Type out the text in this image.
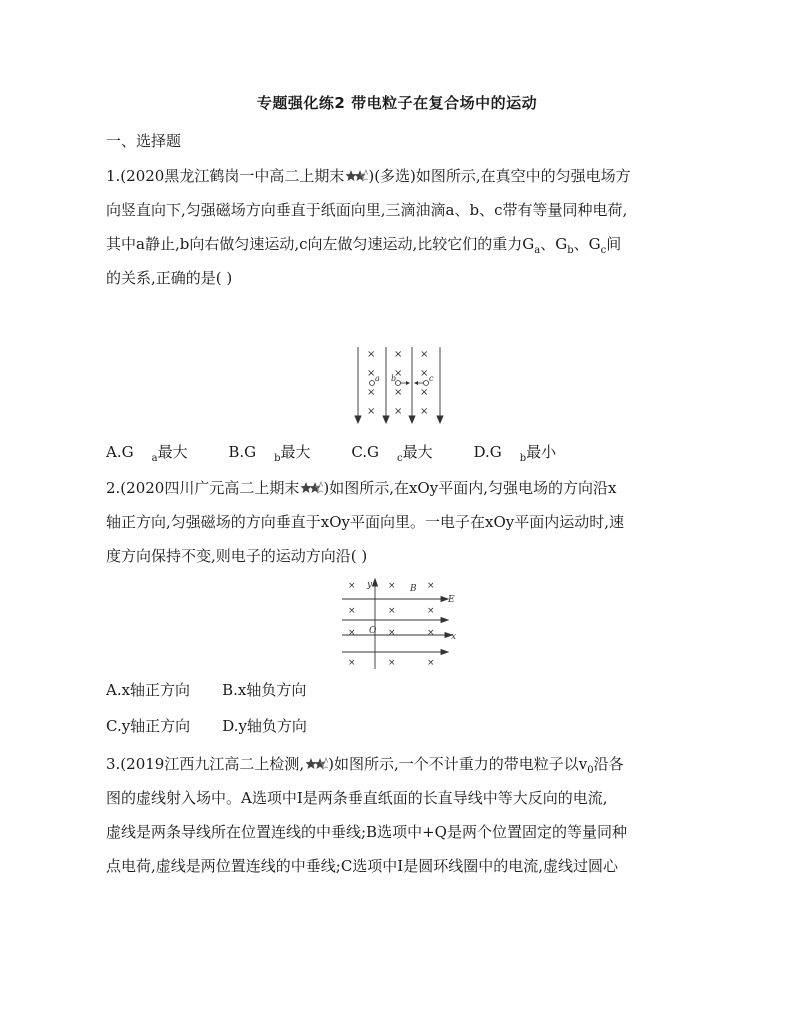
专题强化练2 带电粒子在复合场中的运动
一、选择题
1.(2020黑龙江鹤岗一中高二上期末 )(多选)如图所示,在真空中的匀强电场方
向竖直向下,匀强磁场方向垂直于纸面向里,三滴油滴a、b、c带有等量同种电荷,
其中a静止,b向右做匀速运动,c向左做匀速运动,比较它们的重力$G_a$、$G_b$、$G_c$间
的关系,正确的是( )
× × ×
× × ×
× × ×
× × ×
a b	c
A.G $_a$最大	B.G $_b$最大	C.G $_c$最大	D.G $_b$最小
2.(2020四川广元高二上期末 )如图所示,在xOy平面内,匀强电场的方向沿x
轴正方向,匀强磁场的方向垂直于xOy平面向里。一电子在xOy平面内运动时,速
度方向保持不变,则电子的运动方向沿( )
×	×	×
×	×	×
×	×	×
×	×	×
y	B
E
O
x
A.x轴正方向 B.x轴负方向
C.y轴正方向 D.y轴负方向
3.(2019江西九江高二上检测, )如图所示,一个不计重力的带电粒子以$v_0$沿各
图的虚线射入场中。A选项中I是两条垂直纸面的长直导线中等大反向的电流,
虚线是两条导线所在位置连线的中垂线;B选项中+Q是两个位置固定的等量同种
点电荷,虚线是两位置连线的中垂线;C选项中I是圆环线圈中的电流,虚线过圆心
